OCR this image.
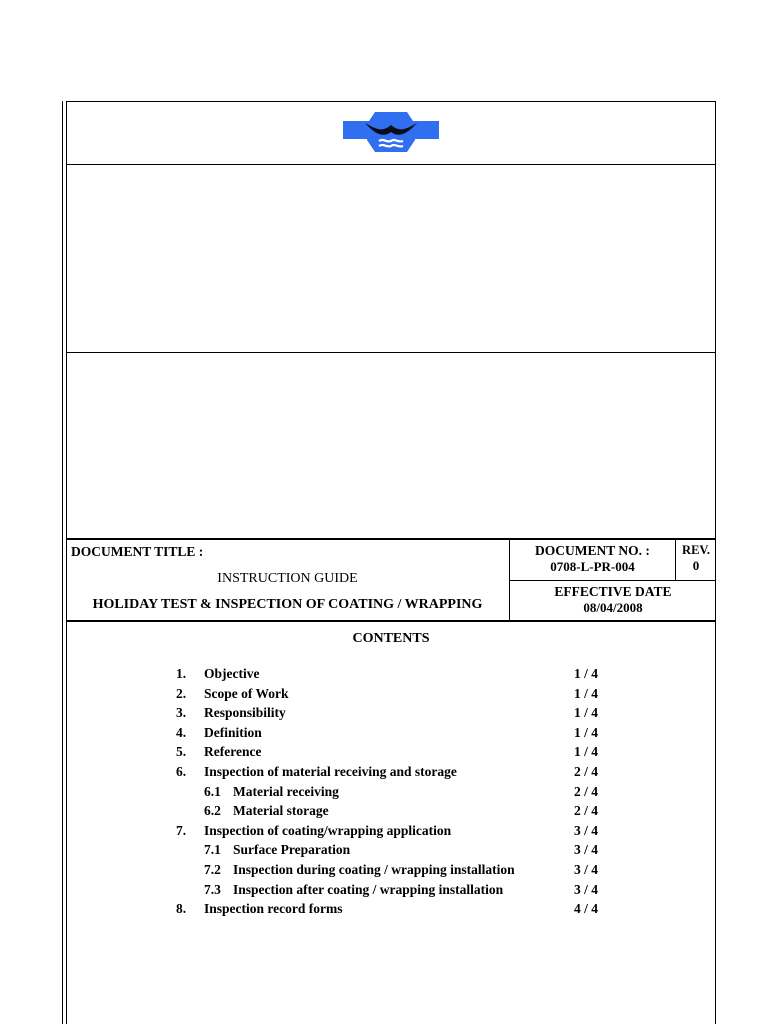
DOCUMENT TITLE :
INSTRUCTION GUIDE
HOLIDAY TEST & INSPECTION OF COATING / WRAPPING
DOCUMENT NO. :
0708-L-PR-004
REV.
0
EFFECTIVE DATE
08/04/2008
CONTENTS
1. Objective	1 / 4
2. Scope of Work	1 / 4
3. Responsibility	1 / 4
4. Definition	1 / 4
5. Reference	1 / 4
6. Inspection of material receiving and storage	2 / 4
6.1 Material receiving	2 / 4
6.2 Material storage	2 / 4
7. Inspection of coating/wrapping application	3 / 4
7.1 Surface Preparation	3 / 4
7.2 Inspection during coating / wrapping installation	3 / 4
7.3 Inspection after coating / wrapping installation	3 / 4
8. Inspection record forms	4 / 4
